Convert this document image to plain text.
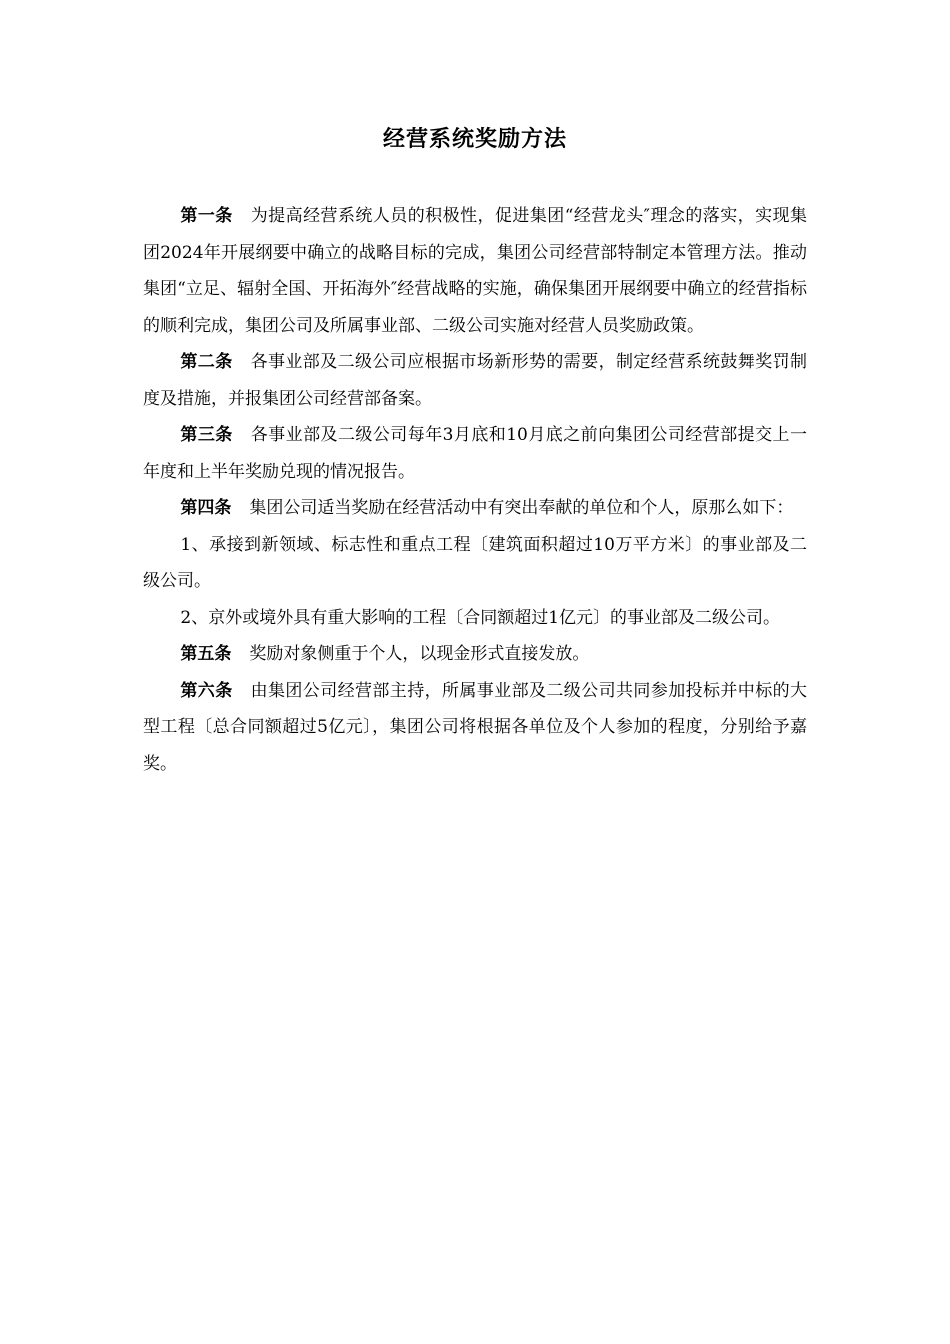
经营系统奖励方法

第一条 为提高经营系统人员的积极性，促进集团“经营龙头″理念的落实，实现集团2024年开展纲要中确立的战略目标的完成，集团公司经营部特制定本管理方法。推动集团“立足、辐射全国、开拓海外″经营战略的实施，确保集团开展纲要中确立的经营指标的顺利完成，集团公司及所属事业部、二级公司实施对经营人员奖励政策。

第二条 各事业部及二级公司应根据市场新形势的需要，制定经营系统鼓舞奖罚制度及措施，并报集团公司经营部备案。

第三条 各事业部及二级公司每年3月底和10月底之前向集团公司经营部提交上一年度和上半年奖励兑现的情况报告。

第四条 集团公司适当奖励在经营活动中有突出奉献的单位和个人，原那么如下：

1、承接到新领域、标志性和重点工程〔建筑面积超过10万平方米〕的事业部及二级公司。

2、京外或境外具有重大影响的工程〔合同额超过1亿元〕的事业部及二级公司。

第五条 奖励对象侧重于个人，以现金形式直接发放。

第六条 由集团公司经营部主持，所属事业部及二级公司共同参加投标并中标的大型工程〔总合同额超过5亿元〕，集团公司将根据各单位及个人参加的程度，分别给予嘉奖。
